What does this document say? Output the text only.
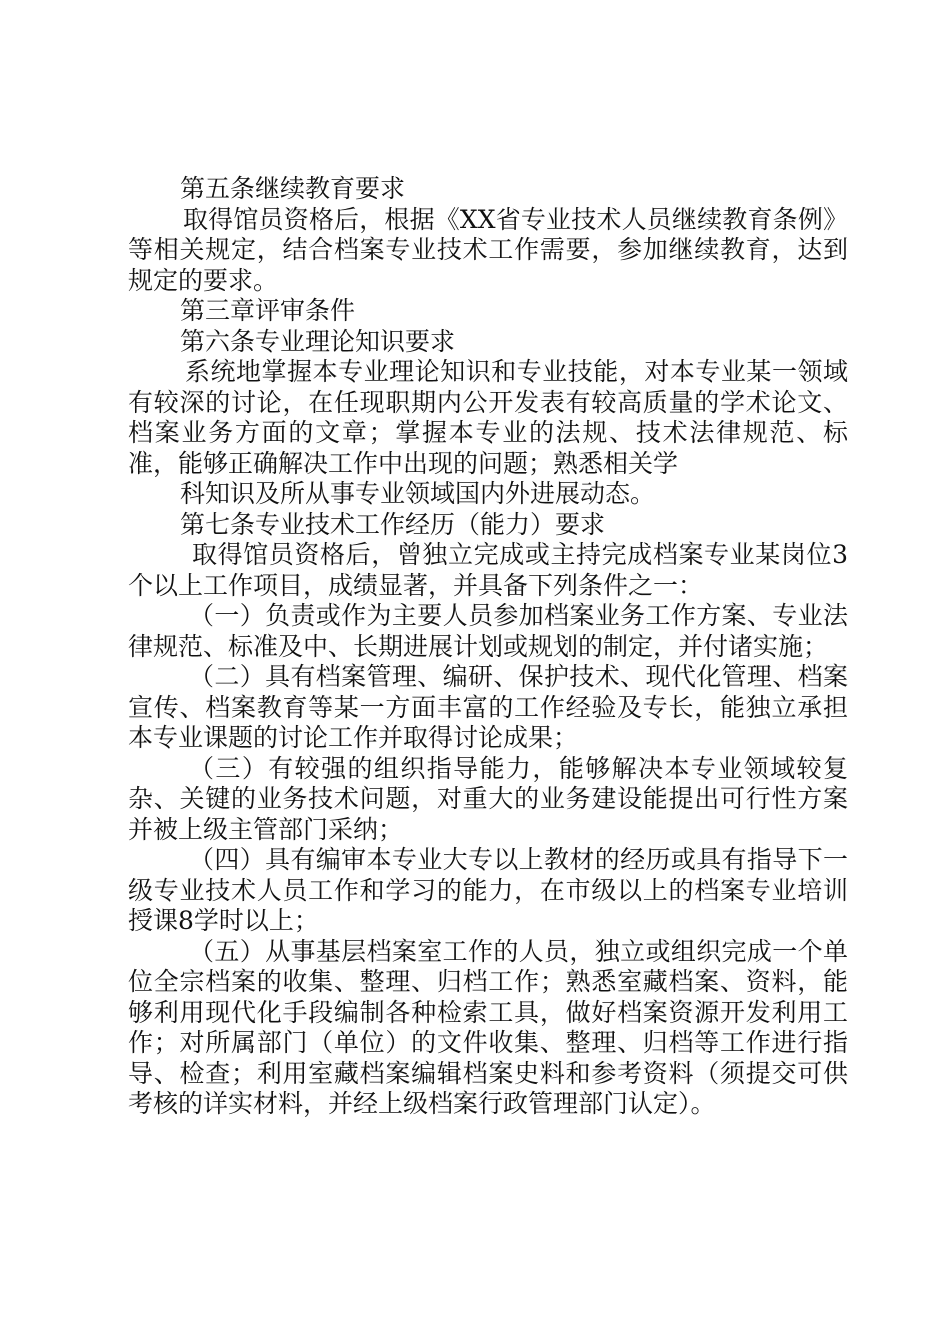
第五条继续教育要求

取得馆员资格后，根据《XX省专业技术人员继续教育条例》等相关规定，结合档案专业技术工作需要，参加继续教育，达到规定的要求。

第三章评审条件

第六条专业理论知识要求

系统地掌握本专业理论知识和专业技能，对本专业某一领域有较深的讨论，在任现职期内公开发表有较高质量的学术论文、档案业务方面的文章；掌握本专业的法规、技术法律规范、标准，能够正确解决工作中出现的问题；熟悉相关学

科知识及所从事专业领域国内外进展动态。

第七条专业技术工作经历（能力）要求

取得馆员资格后，曾独立完成或主持完成档案专业某岗位3个以上工作项目，成绩显著，并具备下列条件之一：

（一）负责或作为主要人员参加档案业务工作方案、专业法律规范、标准及中、长期进展计划或规划的制定，并付诸实施；

（二）具有档案管理、编研、保护技术、现代化管理、档案宣传、档案教育等某一方面丰富的工作经验及专长，能独立承担本专业课题的讨论工作并取得讨论成果；

（三）有较强的组织指导能力，能够解决本专业领域较复杂、关键的业务技术问题，对重大的业务建设能提出可行性方案并被上级主管部门采纳；

（四）具有编审本专业大专以上教材的经历或具有指导下一级专业技术人员工作和学习的能力，在市级以上的档案专业培训授课8学时以上；

（五）从事基层档案室工作的人员，独立或组织完成一个单位全宗档案的收集、整理、归档工作；熟悉室藏档案、资料，能够利用现代化手段编制各种检索工具，做好档案资源开发利用工作；对所属部门（单位）的文件收集、整理、归档等工作进行指导、检查；利用室藏档案编辑档案史料和参考资料（须提交可供考核的详实材料，并经上级档案行政管理部门认定）。
